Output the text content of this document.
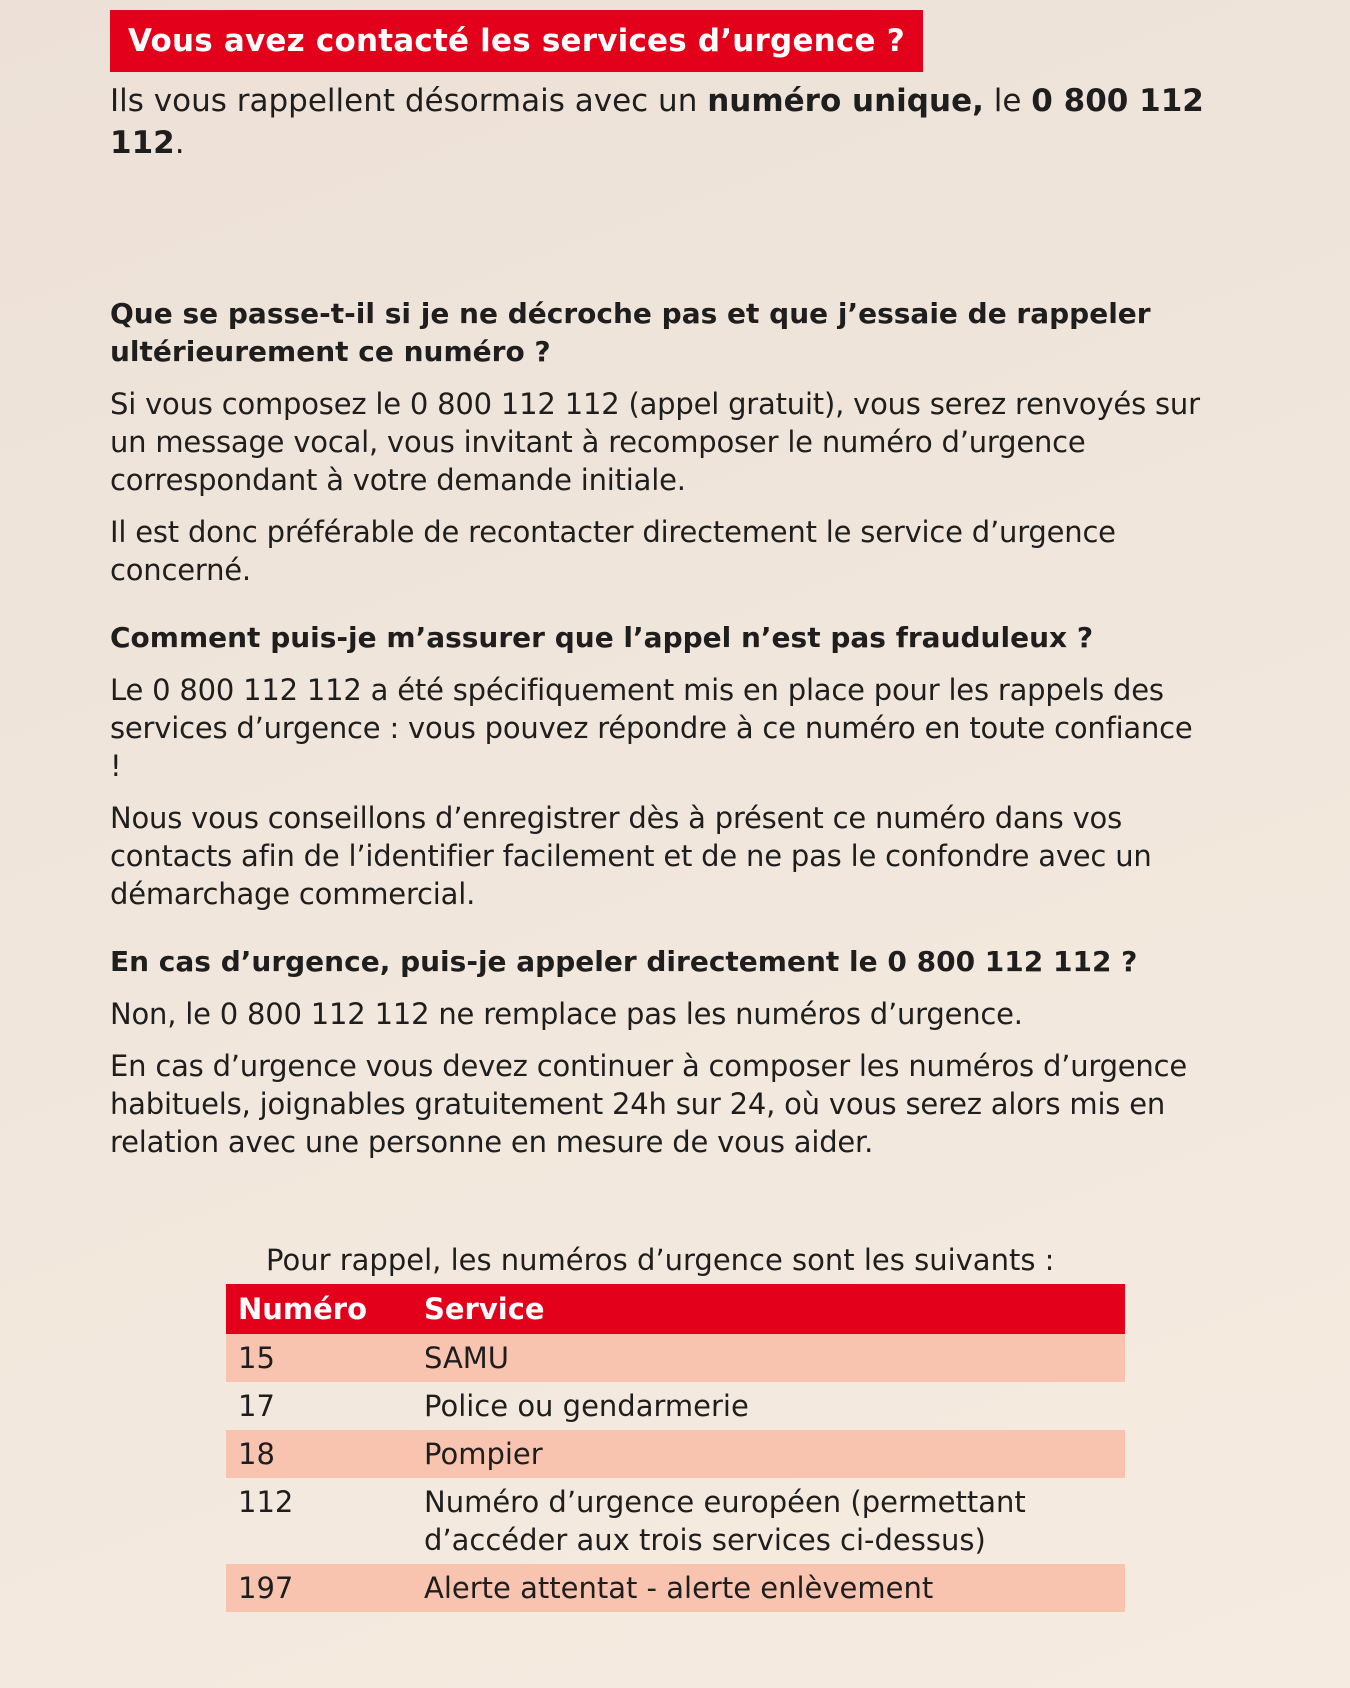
Vous avez contacté les services d’urgence ?

Ils vous rappellent désormais avec un numéro unique, le 0 800 112 112.

Que se passe-t-il si je ne décroche pas et que j’essaie de rappeler ultérieurement ce numéro ?

Si vous composez le 0 800 112 112 (appel gratuit), vous serez renvoyés sur un message vocal, vous invitant à recomposer le numéro d’urgence correspondant à votre demande initiale.

Il est donc préférable de recontacter directement le service d’urgence concerné.

Comment puis-je m’assurer que l’appel n’est pas frauduleux ?

Le 0 800 112 112 a été spécifiquement mis en place pour les rappels des services d’urgence : vous pouvez répondre à ce numéro en toute confiance !

Nous vous conseillons d’enregistrer dès à présent ce numéro dans vos contacts afin de l’identifier facilement et de ne pas le confondre avec un démarchage commercial.

En cas d’urgence, puis-je appeler directement le 0 800 112 112 ?

Non, le 0 800 112 112 ne remplace pas les numéros d’urgence.

En cas d’urgence vous devez continuer à composer les numéros d’urgence habituels, joignables gratuitement 24h sur 24, où vous serez alors mis en relation avec une personne en mesure de vous aider.

Pour rappel, les numéros d’urgence sont les suivants :

Numéro	Service
15	SAMU
17	Police ou gendarmerie
18	Pompier
112	Numéro d’urgence européen (permettant d’accéder aux trois services ci-dessus)
197	Alerte attentat - alerte enlèvement
